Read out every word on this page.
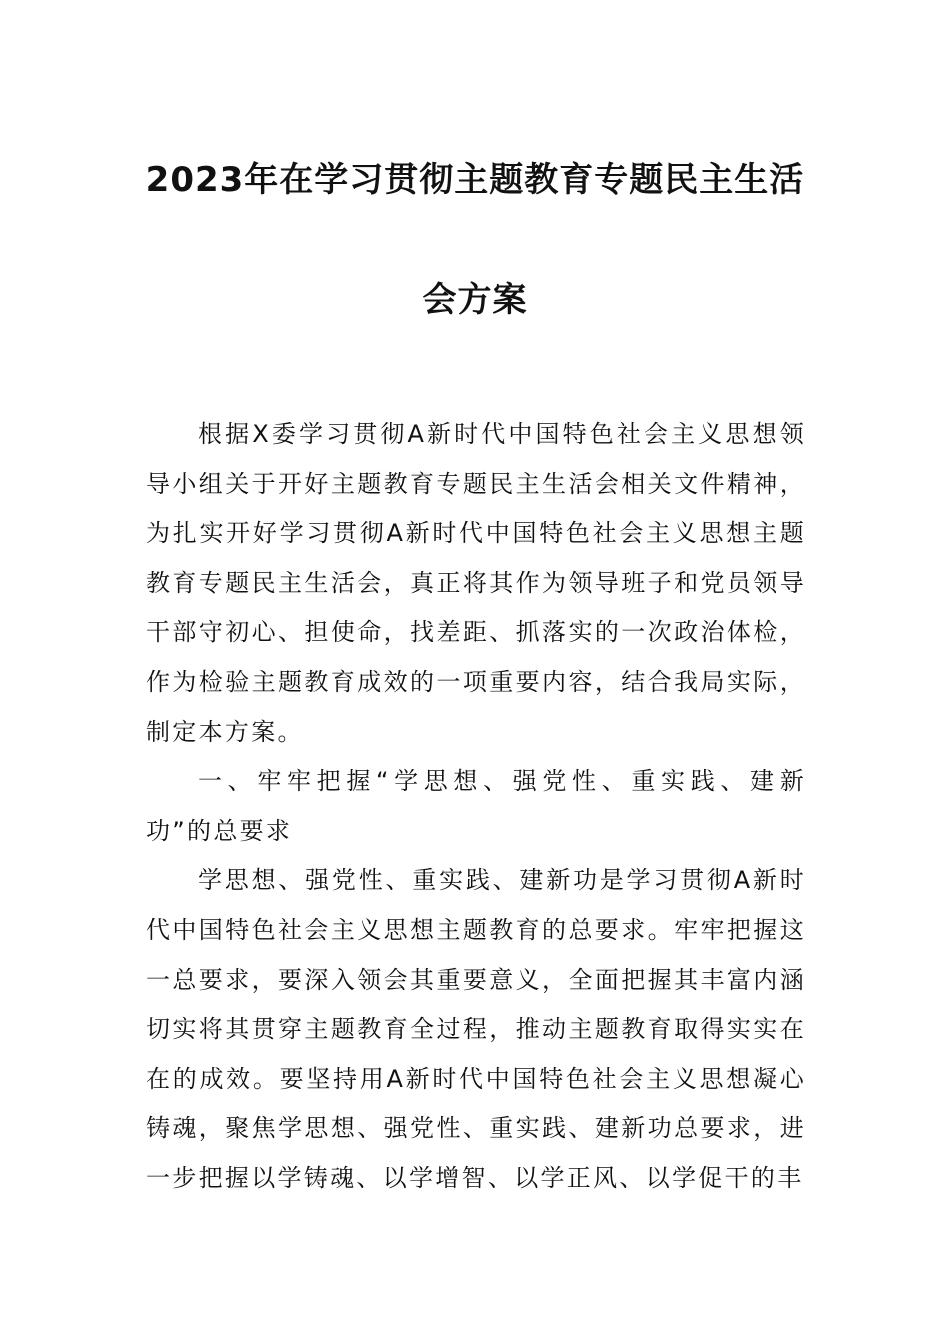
2023年在学习贯彻主题教育专题民主生活
会方案

根据X委学习贯彻A新时代中国特色社会主义思想领导小组关于开好主题教育专题民主生活会相关文件精神，为扎实开好学习贯彻A新时代中国特色社会主义思想主题教育专题民主生活会，真正将其作为领导班子和党员领导干部守初心、担使命，找差距、抓落实的一次政治体检，作为检验主题教育成效的一项重要内容，结合我局实际，制定本方案。

一、牢牢把握“学思想、强党性、重实践、建新功”的总要求

学思想、强党性、重实践、建新功是学习贯彻A新时代中国特色社会主义思想主题教育的总要求。牢牢把握这一总要求，要深入领会其重要意义，全面把握其丰富内涵切实将其贯穿主题教育全过程，推动主题教育取得实实在在的成效。要坚持用A新时代中国特色社会主义思想凝心铸魂，聚焦学思想、强党性、重实践、建新功总要求，进一步把握以学铸魂、以学增智、以学正风、以学促干的丰
